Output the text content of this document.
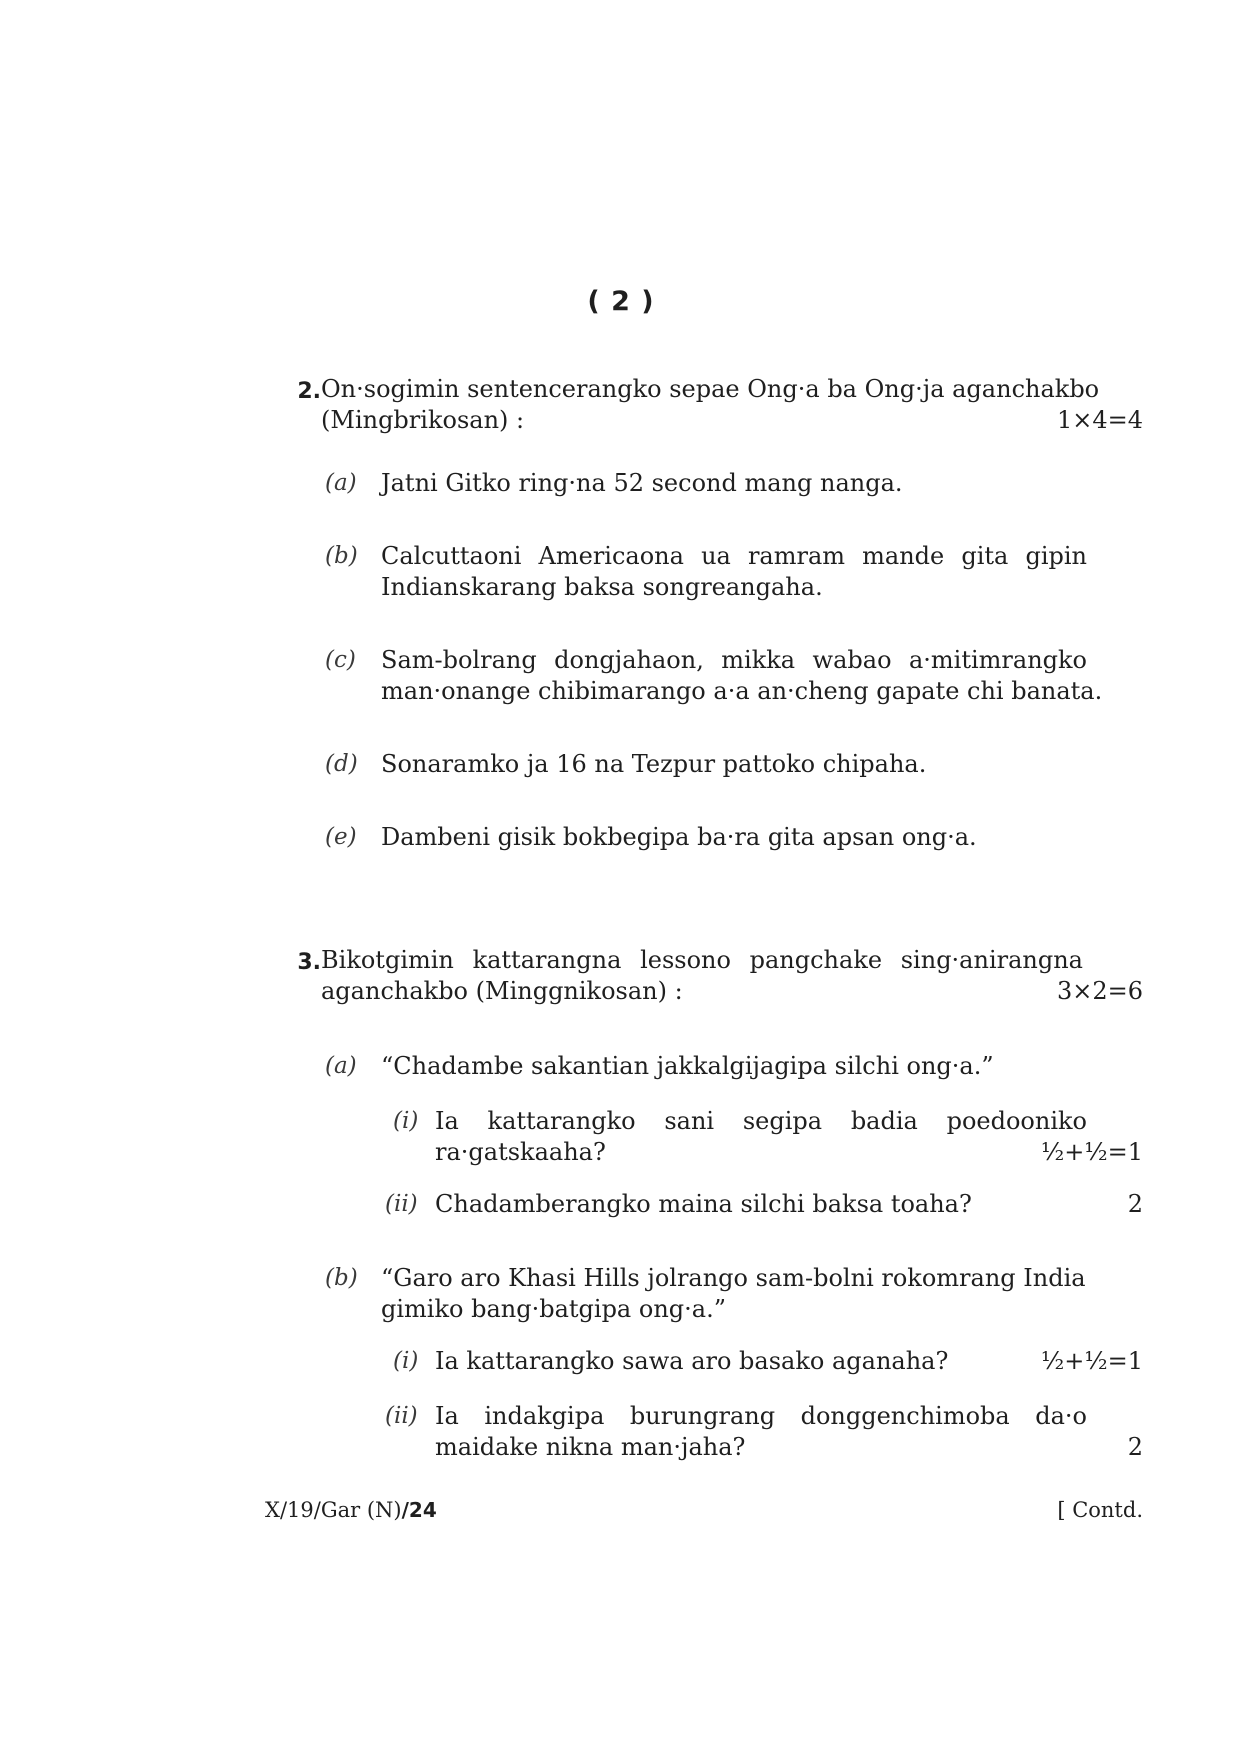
( 2 )
2. On·sogimin sentencerangko sepae Ong·a ba Ong·ja aganchakbo
(Mingbrikosan) :	1×4=4
(a) Jatni Gitko ring·na 52 second mang nanga.
(b) Calcuttaoni Americaona ua ramram mande gita gipin
Indianskarang baksa songreangaha.
(c) Sam-bolrang dongjahaon, mikka wabao a·mitimrangko
man·onange chibimarango a·a an·cheng gapate chi banata.
(d) Sonaramko ja 16 na Tezpur pattoko chipaha.
(e) Dambeni gisik bokbegipa ba·ra gita apsan ong·a.
3. Bikotgimin kattarangna lessono pangchake sing·anirangna
aganchakbo (Minggnikosan) :	3×2=6
(a) “Chadambe sakantian jakkalgijagipa silchi ong·a.”
(i) Ia kattarangko sani segipa badia poedooniko
ra·gatskaaha?	½+½=1
(ii) Chadamberangko maina silchi baksa toaha?	2
(b) “Garo aro Khasi Hills jolrango sam-bolni rokomrang India
gimiko bang·batgipa ong·a.”
(i) Ia kattarangko sawa aro basako aganaha?	½+½=1
(ii) Ia indakgipa burungrang donggenchimoba da·o
maidake nikna man·jaha?	2
X/19/Gar (N)/24	[ Contd.
